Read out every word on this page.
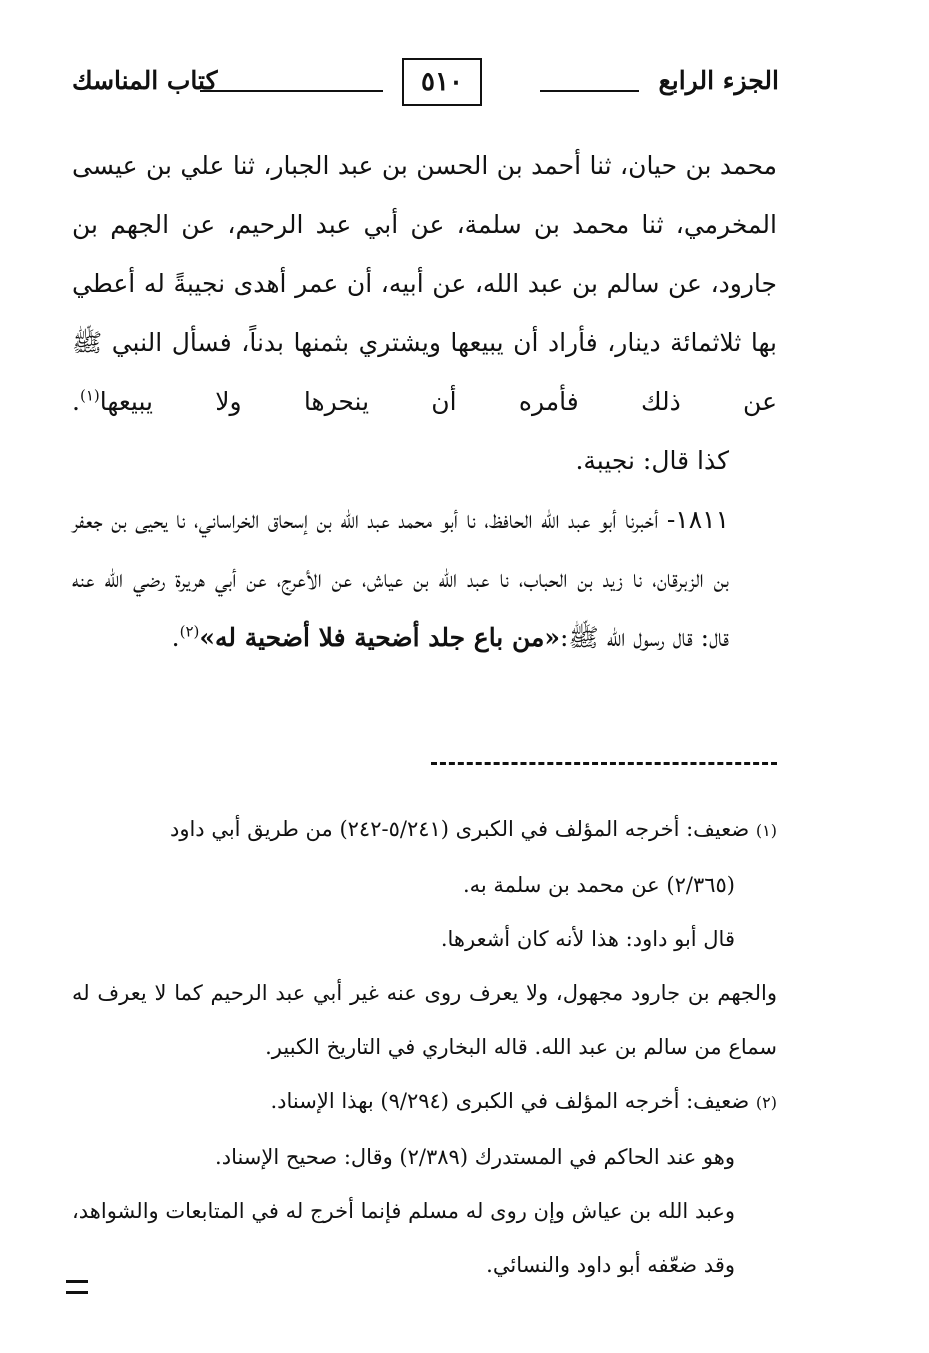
الجزء الرابع
٥١٠
كتاب المناسك

محمد بن حيان، ثنا أحمد بن الحسن بن عبد الجبار، ثنا علي بن عيسى المخرمي، ثنا محمد بن سلمة، عن أبي عبد الرحيم، عن الجهم بن جارود، عن سالم بن عبد الله، عن أبيه، أن عمر أهدى نجيبةً له أعطي بها ثلاثمائة دينار، فأراد أن يبيعها ويشتري بثمنها بدناً، فسأل النبي ﷺ عن ذلك فأمره أن ينحرها ولا يبيعها$^{(١)}$.

كذا قال: نجيبة.

١٨١١- أخبرنا أبو عبد الله الحافظ، نا أبو محمد عبد الله بن إسحاق الخراساني، نا يحيى بن جعفر بن الزبرقان، نا زيد بن الحباب، نا عبد الله بن عياش، عن الأعرج، عن أبي هريرة رضي الله عنه قال: قال رسول الله ﷺ:«من باع جلد أضحية فلا أضحية له»$^{(٢)}$.

(١) ضعيف: أخرجه المؤلف في الكبرى (٥/٢٤١-٢٤٢) من طريق أبي داود

(٢/٣٦٥) عن محمد بن سلمة به.

قال أبو داود: هذا لأنه كان أشعرها.

والجهم بن جارود مجهول، ولا يعرف روى عنه غير أبي عبد الرحيم كما لا يعرف له سماع من سالم بن عبد الله. قاله البخاري في التاريخ الكبير.

(٢) ضعيف: أخرجه المؤلف في الكبرى (٩/٢٩٤) بهذا الإسناد.

وهو عند الحاكم في المستدرك (٢/٣٨٩) وقال: صحيح الإسناد.

وعبد الله بن عياش وإن روى له مسلم فإنما أخرج له في المتابعات والشواهد، وقد ضعّفه أبو داود والنسائي.
